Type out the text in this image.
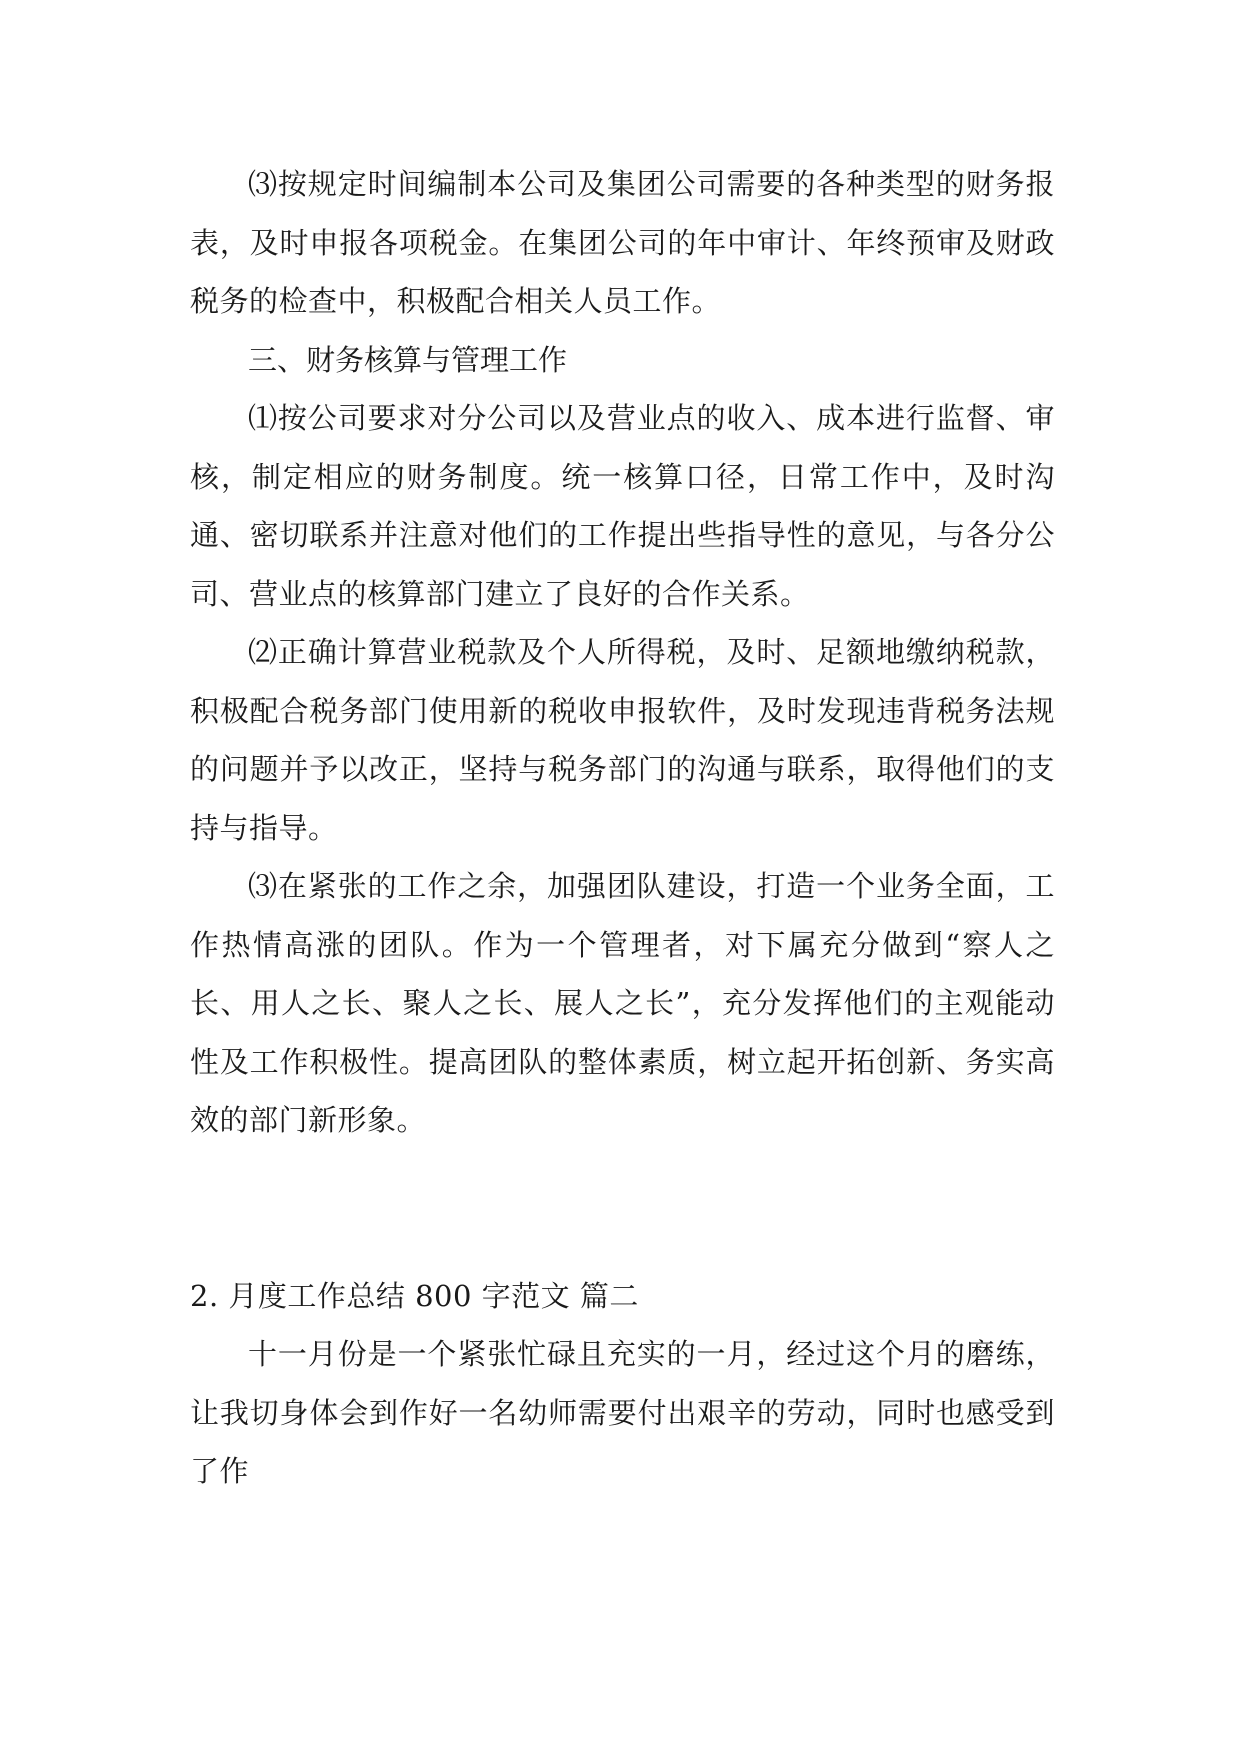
⑶按规定时间编制本公司及集团公司需要的各种类型的财务报表，及时申报各项税金。在集团公司的年中审计、年终预审及财政税务的检查中，积极配合相关人员工作。

三、财务核算与管理工作

⑴按公司要求对分公司以及营业点的收入、成本进行监督、审核，制定相应的财务制度。统一核算口径，日常工作中，及时沟通、密切联系并注意对他们的工作提出些指导性的意见，与各分公司、营业点的核算部门建立了良好的合作关系。

⑵正确计算营业税款及个人所得税，及时、足额地缴纳税款，积极配合税务部门使用新的税收申报软件，及时发现违背税务法规的问题并予以改正，坚持与税务部门的沟通与联系，取得他们的支持与指导。

⑶在紧张的工作之余，加强团队建设，打造一个业务全面，工作热情高涨的团队。作为一个管理者，对下属充分做到“察人之长、用人之长、聚人之长、展人之长”，充分发挥他们的主观能动性及工作积极性。提高团队的整体素质，树立起开拓创新、务实高效的部门新形象。

2. 月度工作总结 800 字范文 篇二

十一月份是一个紧张忙碌且充实的一月，经过这个月的磨练，让我切身体会到作好一名幼师需要付出艰辛的劳动，同时也感受到了作
